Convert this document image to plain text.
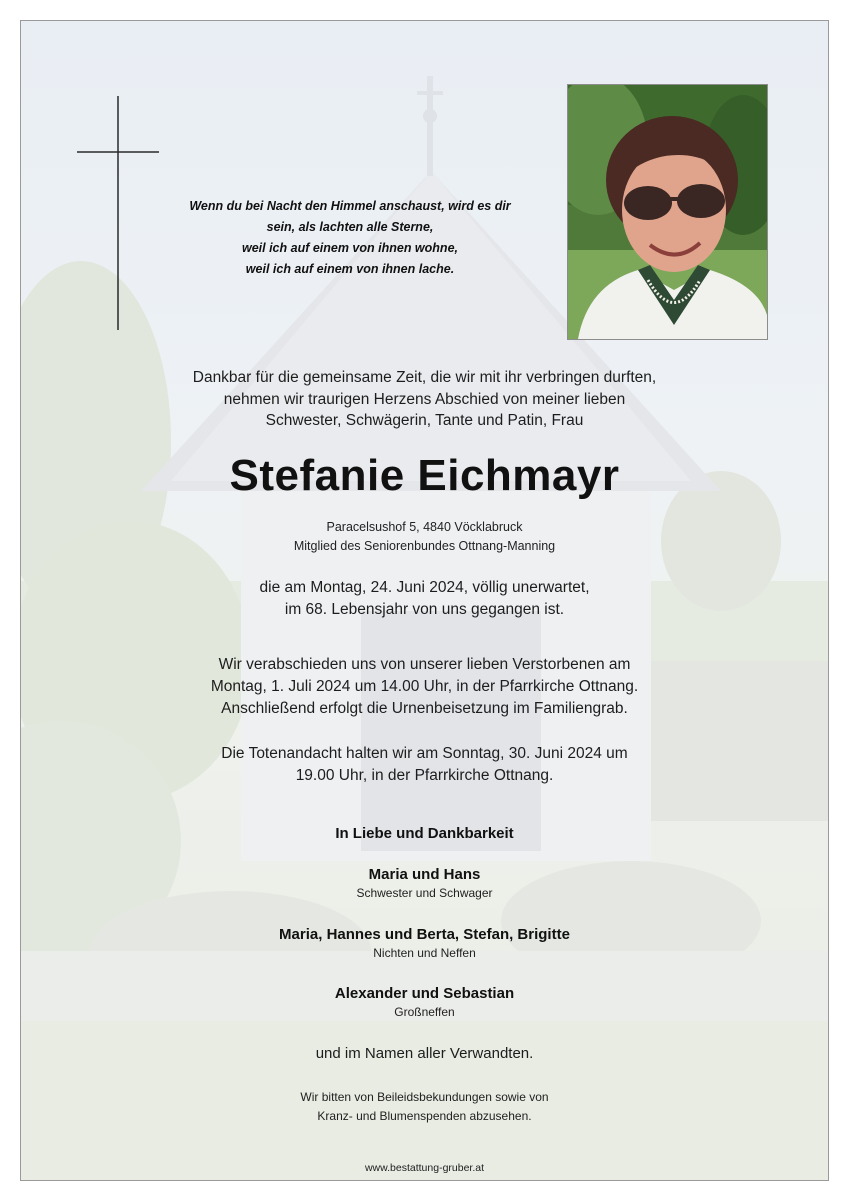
Wenn du bei Nacht den Himmel anschaust, wird es dir
sein, als lachten alle Sterne,
weil ich auf einem von ihnen wohne,
weil ich auf einem von ihnen lache.
Dankbar für die gemeinsame Zeit, die wir mit ihr verbringen durften,
nehmen wir traurigen Herzens Abschied von meiner lieben
Schwester, Schwägerin, Tante und Patin, Frau
Stefanie Eichmayr
Paracelsushof 5, 4840 Vöcklabruck
Mitglied des Seniorenbundes Ottnang-Manning
die am Montag, 24. Juni 2024, völlig unerwartet,
im 68. Lebensjahr von uns gegangen ist.
Wir verabschieden uns von unserer lieben Verstorbenen am
Montag, 1. Juli 2024 um 14.00 Uhr, in der Pfarrkirche Ottnang.
Anschließend erfolgt die Urnenbeisetzung im Familiengrab.
Die Totenandacht halten wir am Sonntag, 30. Juni 2024 um
19.00 Uhr, in der Pfarrkirche Ottnang.
In Liebe und Dankbarkeit
Maria und Hans
Schwester und Schwager
Maria, Hannes und Berta, Stefan, Brigitte
Nichten und Neffen
Alexander und Sebastian
Großneffen
und im Namen aller Verwandten.
Wir bitten von Beileidsbekundungen sowie von
Kranz- und Blumenspenden abzusehen.
www.bestattung-gruber.at
